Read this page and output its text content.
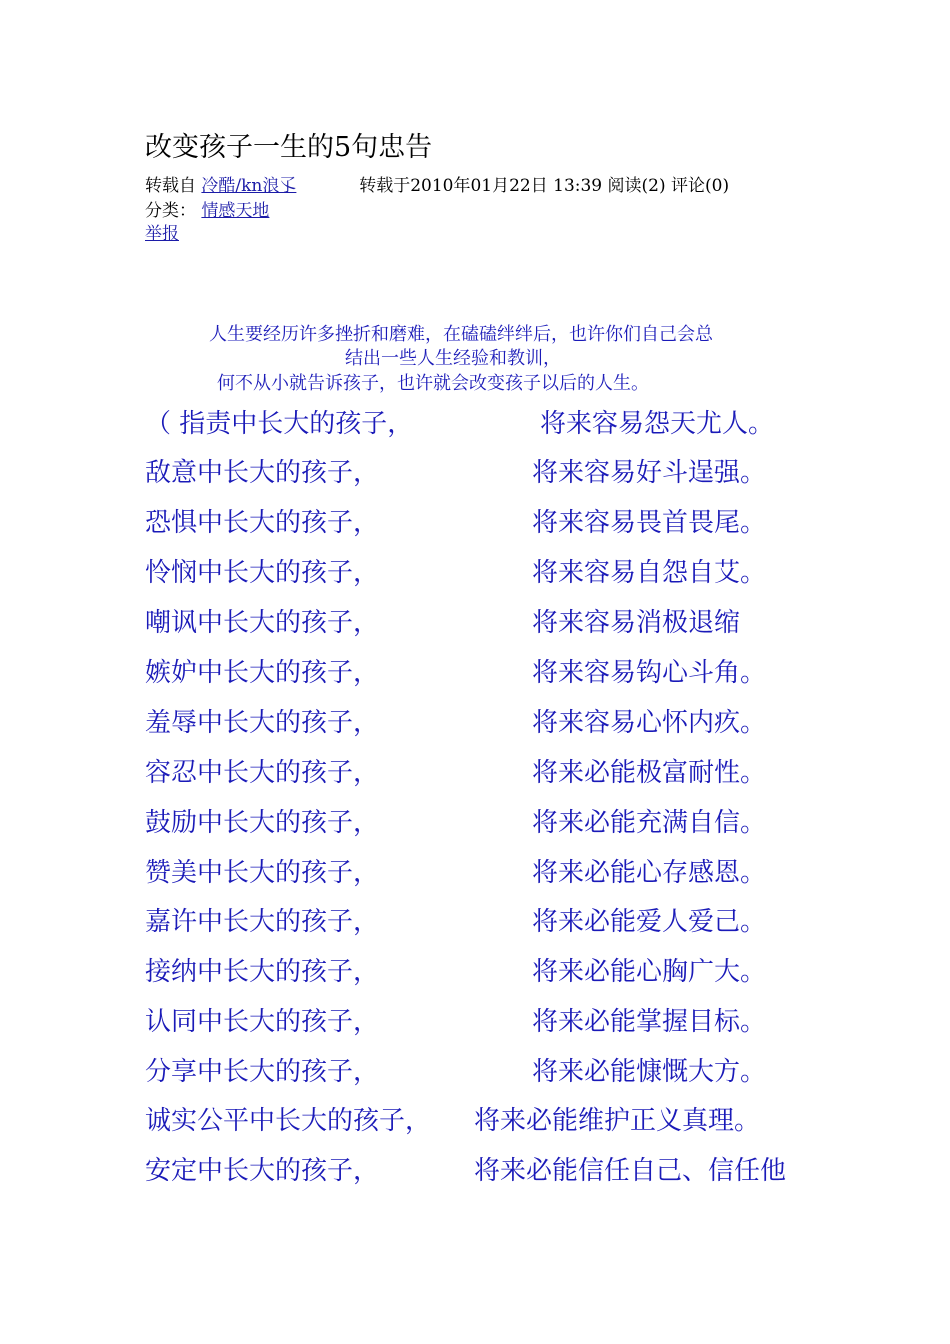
改变孩子一生的5句忠告
转载自 冷酷/kn浪孓	转载于2010年01月22日 13:39 阅读(2) 评论(0)
分类： 情感天地
举报
人生要经历许多挫折和磨难，在磕磕绊绊后，也许你们自己会总
结出一些人生经验和教训，
何不从小就告诉孩子，也许就会改变孩子以后的人生。
（ 指责中长大的孩子，	将来容易怨天尤人。
敌意中长大的孩子，	将来容易好斗逞强。
恐惧中长大的孩子，	将来容易畏首畏尾。
怜悯中长大的孩子，	将来容易自怨自艾。
嘲讽中长大的孩子，	将来容易消极退缩
嫉妒中长大的孩子，	将来容易钩心斗角。
羞辱中长大的孩子，	将来容易心怀内疚。
容忍中长大的孩子，	将来必能极富耐性。
鼓励中长大的孩子，	将来必能充满自信。
赞美中长大的孩子，	将来必能心存感恩。
嘉许中长大的孩子，	将来必能爱人爱己。
接纳中长大的孩子，	将来必能心胸广大。
认同中长大的孩子，	将来必能掌握目标。
分享中长大的孩子，	将来必能慷慨大方。
诚实公平中长大的孩子， 将来必能维护正义真理。
安定中长大的孩子，	将来必能信任自己、信任他
